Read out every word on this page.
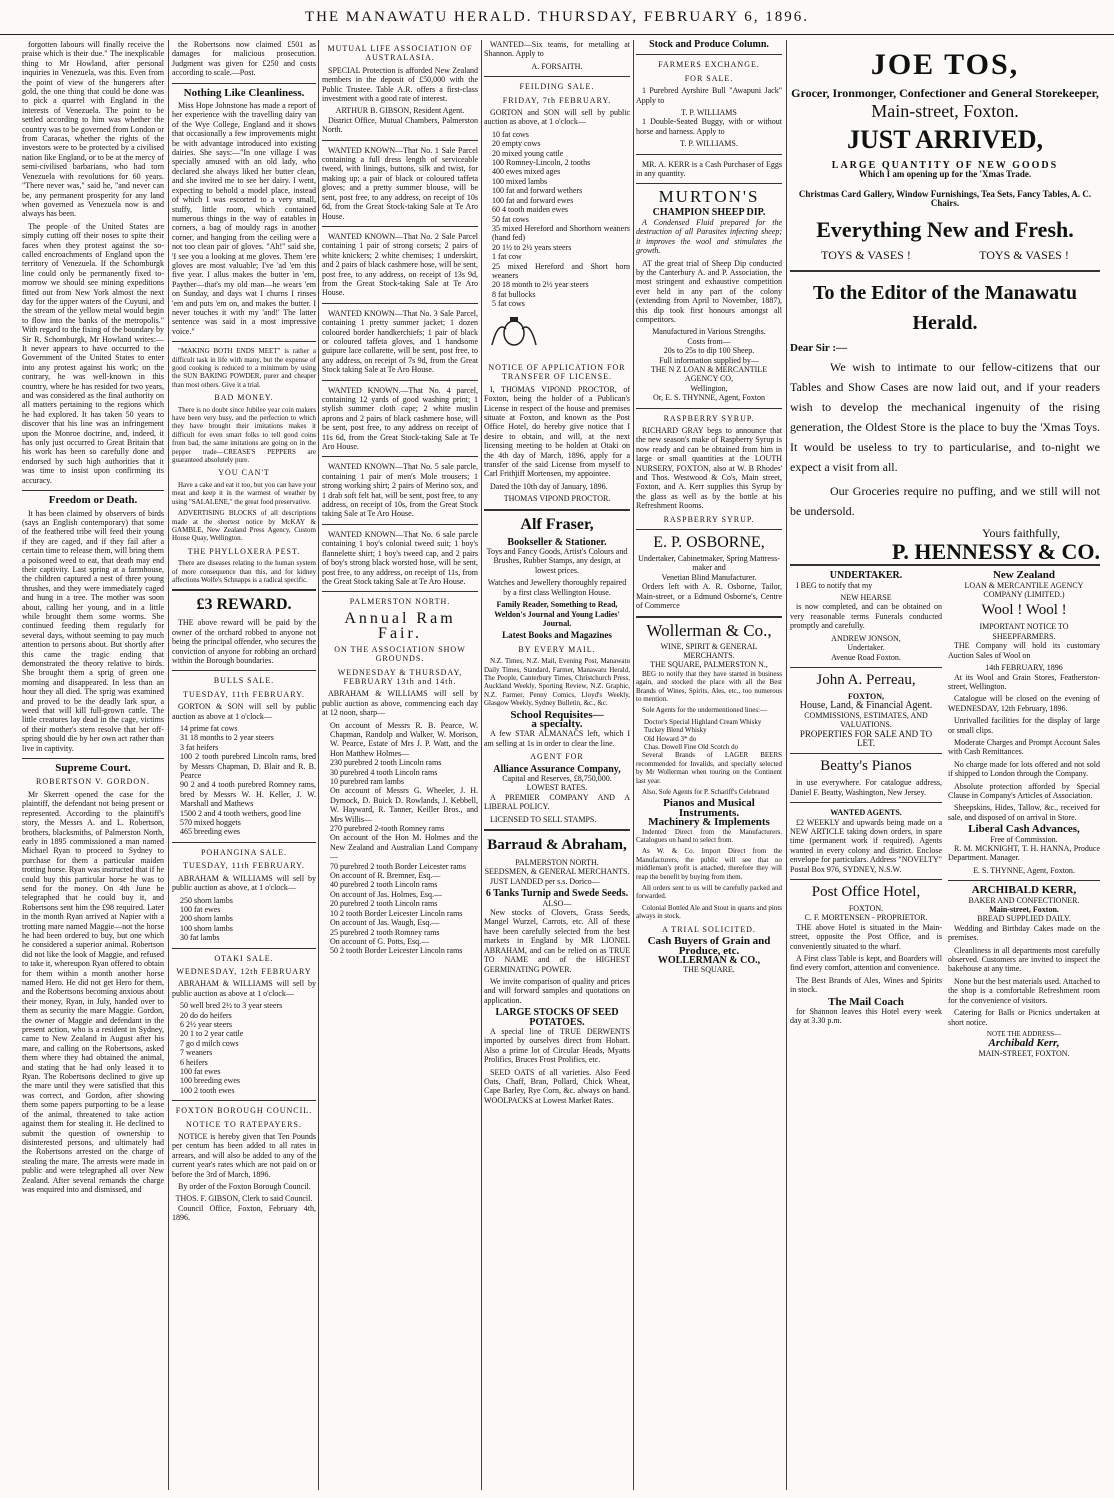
THE MANAWATU HERALD. THURSDAY, FEBRUARY 6, 1896.

forgotten labours will finally receive the praise which is their due." The inexplicable thing to Mr Howland, after personal inquiries in Venezuela, was this. Even from the point of view of the hungerers after gold, the one thing that could be done was to pick a quarrel with England in the interests of Venezuela. The point to be settled according to him was whether the country was to be governed from London or from Caracas, whether the rights of the investors were to be protected by a civilised nation like England, or to be at the mercy of semi-civilised barbarians, who had torn Venezuela with revolutions for 60 years. "There never was," said he, "and never can be, any permanent prosperity for any land when governed as Venezuela now is and always has been.

The people of the United States are simply cutting off their noses to spite their faces when they protest against the so-called encroachments of England upon the territory of Venezuela. If the Schomburgk line could only be permanently fixed to-morrow we should see mining expeditions fitted out from New York almost the next day for the upper waters of the Cuyuni, and the stream of the yellow metal would begin to flow into the banks of the metropolis." With regard to the fixing of the boundary by Sir R. Schomburgk, Mr Howland writes:—It never appears to have occurred to the Government of the United States to enter into any protest against his work; on the contrary, he was well-known in this country, where he has resided for two years, and was considered as the final authority on all matters pertaining to the regions which he had explored. It has taken 50 years to discover that his line was an infringement upon the Monroe doctrine, and, indeed, it has only just occurred to Great Britain that his work has been so carefully done and endorsed by such high authorities that it was time to insist upon confirming its accuracy.

Freedom or Death.

It has been claimed by observers of birds (says an English contemporary) that some of the feathered tribe will feed their young if they are caged, and if they fail after a certain time to release them, will bring them a poisoned weed to eat, that death may end their captivity. Last spring at a farmhouse, the children captured a nest of three young thrushes, and they were immediately caged and hung in a tree. The mother was soon about, calling her young, and in a little while brought them some worms. She continued feeding them regularly for several days, without seeming to pay much attention to persons about. But shortly after this came the tragic ending that demonstrated the theory relative to birds. She brought them a sprig of green one morning and disappeared. In less than an hour they all died. The sprig was examined and proved to be the deadly lark spur, a weed that will kill full-grown cattle. The little creatures lay dead in the cage, victims of their mother's stern resolve that her off-spring should die by her own act rather than live in captivity.

Supreme Court.
ROBERTSON V. GORDON.

Mr Skerrett opened the case for the plaintiff, the defendant not being present or represented. According to the plaintiff's story, the Messrs A. and L. Robertson, brothers, blacksmiths, of Palmerston North, early in 1895 commissioned a man named Michael Ryan to proceed to Sydney to purchase for them a particular maiden trotting horse. Ryan was instructed that if he could buy this particular horse he was to send for the money. On 4th June he telegraphed that he could buy it, and Robertsons sent him the £98 required. Later in the month Ryan arrived at Napier with a trotting mare named Maggie—not the horse he had been ordered to buy, but one which he considered a superior animal. Robertson did not like the look of Maggie, and refused to take it, whereupon Ryan offered to obtain for them within a month another horse named Hero. He did not get Hero for them, and the Robertsons becoming anxious about their money, Ryan, in July, handed over to them as security the mare Maggie. Gordon, the owner of Maggie and defendant in the present action, who is a resident in Sydney, came to New Zealand in August after his mare, and calling on the Robertsons, asked them where they had obtained the animal, and stating that he had only leased it to Ryan. The Robertsons declined to give up the mare until they were satisfied that this was correct, and Gordon, after showing them some papers purporting to be a lease of the animal, threatened to take action against them for stealing it. He declined to submit the question of ownership to disinterested persons, and ultimately had the Robertsons arrested on the charge of stealing the mare. The arrests were made in public and were telegraphed all over New Zealand. After several remands the charge was enquired into and dismissed, and

the Robertsons now claimed £501 as damages for malicious prosecution. Judgment was given for £250 and costs according to scale.—Post.

Nothing Like Cleanliness.

Miss Hope Johnstone has made a report of her experience with the travelling dairy van of the Wye College, England and it shows that occasionally a few improvements might be with advantage introduced into existing dairies. She says:—"In one village I was specially amused with an old lady, who declared she always liked her butter clean, and she invited me to see her dairy. I went, expecting to behold a model place, instead of which I was escorted to a very small, stuffy, little room, which contained numerous things in the way of eatables in corners, a bag of mouldy rags in another corner, and hanging from the ceiling were a not too clean pair of gloves. "Ah!" said she, 'I see you a looking at me gloves. Them 'ere gloves are most valuable; I've 'ad 'em this five year. I allus makes the butter in 'em, Payther—that's my old man—he wears 'em on Sunday, and days wat I churns I rinses 'em and puts 'em on, and makes the butter. I never touches it with my 'and!' The latter sentence was said in a most impressive voice."

"MAKING BOTH ENDS MEET" is rather a difficult task in life with many, but the expense of good cooking is reduced to a minimum by using the SUN BAKING POWDER, purer and cheaper than most others. Give it a trial.

BAD MONEY.

There is no doubt since Jubilee year coin makers have been very busy, and the perfection to which they have brought their imitations makes it difficult for even smart folks to tell good coins from bad, the same imitations are going on in the pepper trade—CREASE'S PEPPERS are guaranteed absolutely pure.

YOU CAN'T

Have a cake and eat it too, but you can have your meat and keep it in the warmest of weather by using "SALALENE," the great food preservative.

ADVERTISING BLOCKS of all descriptions made at the shortest notice by McKAY & GAMBLE, New Zealand Press Agency, Custom House Quay, Wellington.

THE PHYLLOXERA PEST.

There are diseases relating to the human system of more consequence than this, and for kidney affections Wolfe's Schnapps is a radical specific.

£3 REWARD.

THE above reward will be paid by the owner of the orchard robbed to anyone not being the principal offender, who secures the conviction of anyone for robbing an orchard within the Borough boundaries.

BULLS SALE.
TUESDAY, 11th FEBRUARY.

GORTON & SON will sell by public auction as above at 1 o'clock—

14 prime fat cows
31 18 months to 2 year steers
3 fat heifers
100 2 tooth purebred Lincoln rams, bred by Messrs Chapman, D. Blair and R. B. Pearce
90 2 and 4 tooth purebred Romney rams, bred by Messrs W. H. Keller, J. W. Marshall and Mathews
1500 2 and 4 tooth wethers, good line
570 mixed hoggets
465 breeding ewes
POHANGINA SALE.
TUESDAY, 11th FEBRUARY.

ABRAHAM & WILLIAMS will sell by public auction as above, at 1 o'clock—

250 shorn lambs
100 fat ewes
200 shorn lambs
100 shorn lambs
30 fat lambs
OTAKI SALE.
WEDNESDAY, 12th FEBRUARY

ABRAHAM & WILLIAMS will sell by public auction as above at 1 o'clock—

50 well bred 2½ to 3 year steers
20 do do heifers
6 2½ year steers
20 1 to 2 year cattle
7 go d milch cows
7 weaners
6 heifers
100 fat ewes
100 breeding ewes
100 2 tooth ewes
FOXTON BOROUGH COUNCIL.
NOTICE TO RATEPAYERS.

NOTICE is hereby given that Ten Pounds per centum has been added to all rates in arrears, and will also be added to any of the current year's rates which are not paid on or before the 3rd of March, 1896.

By order of the Foxton Borough Council.

THOS. F. GIBSON, Clerk to said Council.

Council Office, Foxton, February 4th, 1896.

MUTUAL LIFE ASSOCIATION OF AUSTRALASIA.

SPECIAL Protection is afforded New Zealand members in the deposit of £50,000 with the Public Trustee. Table A.R. offers a first-class investment with a good rate of interest.

ARTHUR B. GIBSON, Resident Agent.

District Office, Mutual Chambers, Palmerston North.

WANTED KNOWN—That No. 1 Sale Parcel containing a full dress length of serviceable tweed, with linings, buttons, silk and twist, for making up; a pair of black or coloured taffeta gloves; and a pretty summer blouse, will be sent, post free, to any address, on receipt of 10s 6d, from the Great Stock-taking Sale at Te Aro House.

WANTED KNOWN—That No. 2 Sale Parcel containing 1 pair of strong corsets; 2 pairs of white knickers; 2 white chemises; 1 underskirt, and 2 pairs of black cashmere hose, will be sent, post free, to any address, on receipt of 13s 9d, from the Great Stock-taking Sale at Te Aro House.

WANTED KNOWN—That No. 3 Sale Parcel, containing 1 pretty summer jacket; 1 dozen coloured border handkerchiefs; 1 pair of black or coloured taffeta gloves, and 1 handsome guipure lace collarette, will be sent, post free, to any address, on receipt of 7s 9d, from the Great Stock taking Sale at Te Aro House.

WANTED KNOWN.—That No. 4 parcel, containing 12 yards of good washing print; 1 stylish summer cloth cape; 2 white muslin aprons and 2 pairs of black cashmere hose, will be sent, post free, to any address on receipt of 11s 6d, from the Great Stock-taking Sale at Te Aro House.

WANTED KNOWN—That No. 5 sale parcle, containing 1 pair of men's Mole trousers; 1 strong working shirt; 2 pairs of Merino sox, and 1 drab soft felt hat, will be sent, post free, to any address, on receipt of 10s, from the Great Stock taking Sale at Te Aro House.

WANTED KNOWN—That No. 6 sale parcle containing 1 boy's colonial tweed suit; 1 boy's flannelette shirt; 1 boy's tweed cap, and 2 pairs of boy's strong black worsted hose, will be sent, post free, to any address, on receipt of 11s, from the Great Stock taking Sale at Te Aro House.

PALMERSTON NORTH.
Annual Ram Fair.
ON THE ASSOCIATION SHOW GROUNDS.
WEDNESDAY & THURSDAY, FEBRUARY 13th and 14th.

ABRAHAM & WILLIAMS will sell by public auction as above, commencing each day at 12 noon, sharp—

On account of Messrs R. B. Pearce, W. Chapman, Randolp and Walker, W. Morison, W. Pearce, Estate of Mrs J. P. Watt, and the Hon Matthew Holmes—
230 purebred 2 tooth Lincoln rams
30 purebred 4 tooth Lincoln rams
10 purebred ram lambs
On account of Messrs G. Wheeler, J. H. Dymock, D. Buick D. Rowlands, J. Kebbell, W. Hayward, R. Tanner, Keiller Bros., and Mrs Willis—
270 purebred 2-tooth Romney rams
On account of the Hon M. Holmes and the New Zealand and Australian Land Company—
70 purebred 2 tooth Border Leicester rams
On account of R. Bremner, Esq.—
40 purebred 2 tooth Lincoln rams
On account of Jas. Holmes, Esq.—
20 purebred 2 tooth Lincoln rams
10 2 tooth Border Leicester Lincoln rams
On account of Jas. Waugh, Esq.—
25 purebred 2 tooth Romney rams
On account of G. Potts, Esq.—
50 2 tooth Border Leicester Lincoln rams

WANTED—Six teams, for metalling at Shannon. Apply to

A. FORSAITH.
FEILDING SALE.
FRIDAY, 7th FEBRUARY.

GORTON and SON will sell by public auction as above, at 1 o'clock—

10 fat cows
20 empty cows
20 mixed young cattle
100 Romney-Lincoln, 2 tooths
400 ewes mixed ages
100 mixed lambs
100 fat and forward wethers
100 fat and forward ewes
60 4 tooth maiden ewes
50 fat cows
35 mixed Hereford and Shorthorn weaners (hand fed)
20 1½ to 2½ years steers
1 fat cow
25 mixed Hereford and Short horn weaners
20 18 month to 2½ year steers
8 fat bullocks
5 fat cows
NOTICE OF APPLICATION FOR TRANSFER OF LICENSE.

I, THOMAS VIPOND PROCTOR, of Foxton, being the holder of a Publican's License in respect of the house and premises situate at Foxton, and known as the Post Office Hotel, do hereby give notice that I desire to obtain, and will, at the next licensing meeting to be holden at Otaki on the 4th day of March, 1896, apply for a transfer of the said License from myself to Carl Frithjiff Mortensen, my appointee.

Dated the 10th day of January, 1896.

THOMAS VIPOND PROCTOR.
Alf Fraser,
Bookseller & Stationer.

Toys and Fancy Goods, Artist's Colours and Brushes, Rubber Stamps, any design, at lowest prices.

Watches and Jewellery thoroughly repaired by a first class Wellington House.

Family Reader, Something to Read, Weldon's Journal and Young Ladies' Journal.

Latest Books and Magazines
BY EVERY MAIL.

N.Z. Times, N.Z. Mail, Evening Post, Manawatu Daily Times, Standard, Farmer, Manawatu Herald, The People, Canterbury Times, Christchurch Press, Auckland Weekly, Sporting Review, N.Z. Graphic, N.Z. Farmer, Penny Comics, Lloyd's Weekly, Glasgow Weekly, Sydney Bulletin, &c., &c.

School Requisites—
a specialty.

A few STAR ALMANACS left, which I am selling at 1s in order to clear the line.

AGENT FOR
Alliance Assurance Company,
Capital and Reserves, £8,750,000.
LOWEST RATES.

A PREMIER COMPANY AND A LIBERAL POLICY.

LICENSED TO SELL STAMPS.

Barraud & Abraham,
PALMERSTON NORTH.
SEEDSMEN, & GENERAL MERCHANTS.

JUST LANDED per s.s. Dorico—

6 Tanks Turnip and Swede Seeds.
ALSO—

New stocks of Clovers, Grass Seeds, Mangel Wurzel, Carrots, etc. All of these have been carefully selected from the best markets in England by MR LIONEL ABRAHAM, and can be relied on as TRUE TO NAME and of the HIGHEST GERMINATING POWER.

We invite comparison of quality and prices and will forward samples and quotations on application.

LARGE STOCKS OF SEED POTATOES.

A special line of TRUE DERWENTS imported by ourselves direct from Hobart. Also a prime lot of Circular Heads, Myatts Prolifics, Bruces Frost Prolifics, etc.

SEED OATS of all varieties. Also Feed Oats, Chaff, Bran, Pollard, Chick Wheat, Cape Barley, Rye Corn, &c. always on hand. WOOLPACKS at Lowest Market Rates.

Stock and Produce Column.
FARMERS EXCHANGE.
FOR SALE.

1 Purebred Ayrshire Bull "Awapuni Jack" Apply to

T. P. WILLIAMS

1 Double-Seated Buggy, with or without horse and harness. Apply to

T. P. WILLIAMS.

MR. A. KERR is a Cash Purchaser of Eggs in any quantity.

MURTON'S
CHAMPION SHEEP DIP.

A Condensed Fluid prepared for the destruction of all Parasites infecting sheep; it improves the wool and stimulates the growth.

AT the great trial of Sheep Dip conducted by the Canterbury A. and P. Association, the most stringent and exhaustive competition ever held in any part of the colony (extending from April to November, 1887), this dip took first honours amongst all competitors.

Manufactured in Various Strengths.
Costs from—
20s to 25s to dip 100 Sheep.
Full information supplied by—
THE N Z LOAN & MERCANTILE AGENCY CO,
Wellington,
Or, E. S. THYNNE, Agent, Foxton
RASPBERRY SYRUP.

RICHARD GRAY begs to announce that the new season's make of Raspberry Syrup is now ready and can be obtained from him in large or small quantities at the LOUTH NURSERY, FOXTON, also at W. B Rhodes' and Thos. Westwood & Co's, Main street, Foxton, and A. Kerr supplies this Syrup by the glass as well as by the bottle at his Refreshment Rooms.

RASPBERRY SYRUP.
E. P. OSBORNE,
Undertaker, Cabinetmaker, Spring Mattress-maker and
Venetian Blind Manufacturer.

Orders left with A. R. Osborne, Tailor, Main-street, or a Edmund Osborne's, Centre of Commerce

Wollerman & Co.,
WINE, SPIRIT & GENERAL MERCHANTS.
THE SQUARE, PALMERSTON N.,

BEG to notify that they have started in business again, and stocked the place with all the Best Brands of Wines, Spirits, Ales, etc., too numerous to mention.

Sole Agents for the undermentioned lines:—

Doctor's Special Highland Cream Whisky
Tuckey Blend Whisky
Old Howard 3* do
Chas. Dowell Fine Old Scotch do

Several Brands of LAGER BEERS recommended for Invalids, and specially selected by Mr Wollerman when touring on the Continent last year.

Also, Sole Agents for P. Schariff's Celebrated

Pianos and Musical Instruments.
Machinery & Implements

Indented Direct from the Manufacturers. Catalogues on hand to select from.

As W. & Co. Import Direct from the Manufacturers, the public will see that no middleman's profit is attached, therefore they will reap the benefit by buying from them.

All orders sent to us will be carefully packed and forwarded.

Colonial Bottled Ale and Stout in quarts and pints always in stock.

A TRIAL SOLICITED.
Cash Buyers of Grain and Produce, etc.
WOLLERMAN & CO.,
THE SQUARE.
JOE TOS,
Grocer, Ironmonger, Confectioner and General Storekeeper,
Main-street, Foxton.
JUST ARRIVED,
LARGE QUANTITY OF NEW GOODS
Which I am opening up for the 'Xmas Trade.
Christmas Card Gallery, Window Furnishings, Tea Sets, Fancy Tables, A. C. Chairs.
Everything New and Fresh.
TOYS & VASES !	TOYS & VASES !
To the Editor of the Manawatu Herald.
Dear Sir :—

We wish to intimate to our fellow-citizens that our Tables and Show Cases are now laid out, and if your readers wish to develop the mechanical ingenuity of the rising generation, the Oldest Store is the place to buy the 'Xmas Toys. It would be useless to try to particularise, and to-night we expect a visit from all.

Our Groceries require no puffing, and we still will not be undersold.

Yours faithfully,
P. HENNESSY & CO.
UNDERTAKER.

I BEG to notify that my

NEW HEARSE

is now completed, and can be obtained on very reasonable terms Funerals conducted promptly and carefully.

ANDREW JONSON,
Undertaker.
Avenue Road Foxton.
John A. Perreau,
FOXTON,
House, Land, & Financial Agent.
COMMISSIONS, ESTIMATES, AND VALUATIONS.
PROPERTIES FOR SALE AND TO LET.
Beatty's Pianos

in use everywhere. For catalogue address, Daniel F. Beatty, Washington, New Jersey.

WANTED AGENTS.

£2 WEEKLY and upwards being made on a NEW ARTICLE taking down orders, in spare time (permanent work if required). Agents wanted in every colony and district. Enclose envelope for particulars. Address "NOVELTY" Postal Box 976, SYDNEY, N.S.W.

Post Office Hotel,
FOXTON.
C. F. MORTENSEN - PROPRIETOR.

THE above Hotel is situated in the Main-street, opposite the Post Office, and is conveniently situated to the wharf.

A First class Table is kept, and Boarders will find every comfort, attention and convenience.

The Best Brands of Ales, Wines and Spirits in stock.

The Mail Coach

for Shannon leaves this Hotel every week day at 3.30 p.m.

New Zealand
LOAN & MERCANTILE AGENCY COMPANY (LIMITED.)
Wool ! Wool !
IMPORTANT NOTICE TO SHEEPFARMERS.

THE Company will hold its customary Auction Sales of Wool on

14th FEBRUARY, 1896

At its Wool and Grain Stores, Featherston-street, Wellington.

Catalogue will be closed on the evening of WEDNESDAY, 12th February, 1896.

Unrivalled facilities for the display of large or small clips.

Moderate Charges and Prompt Account Sales with Cash Remittances.

No charge made for lots offered and not sold if shipped to London through the Company.

Absolute protection afforded by Special Clause in Company's Articles of Association.

Sheepskins, Hides, Tallow, &c., received for sale, and disposed of on arrival in Store.

Liberal Cash Advances,
Free of Commission.

R. M. MCKNIGHT, T. H. HANNA, Produce Department. Manager.

E. S. THYNNE, Agent, Foxton.
ARCHIBALD KERR,
BAKER AND CONFECTIONER.
Main-street, Foxton.
BREAD SUPPLIED DAILY.

Wedding and Birthday Cakes made on the premises.

Cleanliness in all departments most carefully observed. Customers are invited to inspect the bakehouse at any time.

None but the best materials used. Attached to the shop is a comfortable Refreshment room for the convenience of visitors.

Catering for Balls or Picnics undertaken at short notice.

NOTE THE ADDRESS—
Archibald Kerr,
MAIN-STREET, FOXTON.
